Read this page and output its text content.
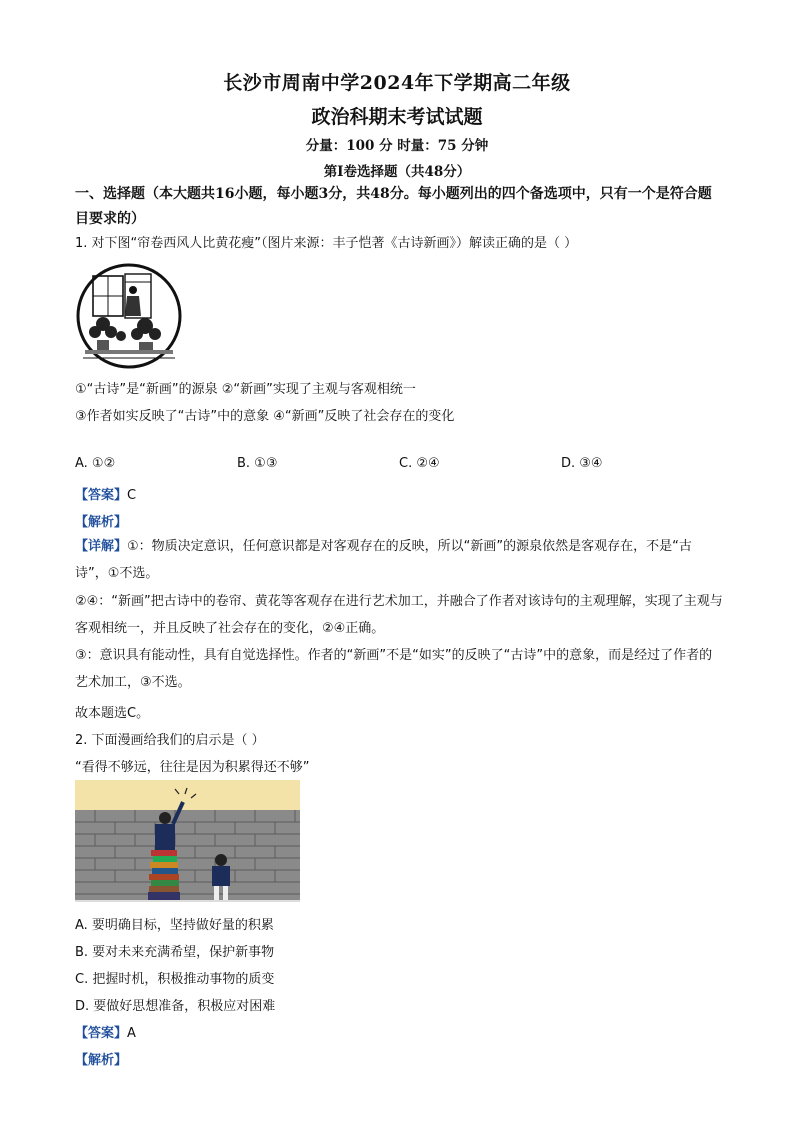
长沙市周南中学2024年下学期高二年级
政治科期末考试试题
分量：100 分 时量：75 分钟
第Ⅰ卷选择题（共48分）
一、选择题（本大题共16小题，每小题3分，共48分。每小题列出的四个备选项中，只有一个是符合题目要求的）
1. 对下图“帘卷西风人比黄花瘦”（图片来源：丰子恺著《古诗新画》）解读正确的是（ ）
①“古诗”是“新画”的源泉 ②“新画”实现了主观与客观相统一
③作者如实反映了“古诗”中的意象 ④“新画”反映了社会存在的变化
A. ①②	B. ①③	C. ②④	D. ③④
【答案】C
【解析】
【详解】①：物质决定意识，任何意识都是对客观存在的反映，所以“新画”的源泉依然是客观存在，不是“古诗”，①不选。
②④：“新画”把古诗中的卷帘、黄花等客观存在进行艺术加工，并融合了作者对该诗句的主观理解，实现了主观与客观相统一，并且反映了社会存在的变化，②④正确。
③：意识具有能动性，具有自觉选择性。作者的“新画”不是“如实”的反映了“古诗”中的意象，而是经过了作者的艺术加工，③不选。
故本题选C。
2. 下面漫画给我们的启示是（ ）
“看得不够远，往往是因为积累得还不够”
A. 要明确目标，坚持做好量的积累
B. 要对未来充满希望，保护新事物
C. 把握时机，积极推动事物的质变
D. 要做好思想准备，积极应对困难
【答案】A
【解析】
